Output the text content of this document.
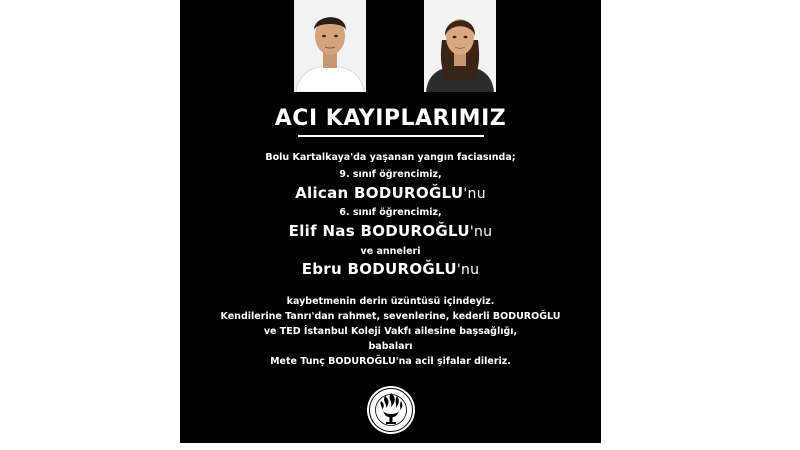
ACI KAYIPLARIMIZ
Bolu Kartalkaya'da yaşanan yangın faciasında;
9. sınıf öğrencimiz,
Alican BODUROĞLU'nu
6. sınıf öğrencimiz,
Elif Nas BODUROĞLU'nu
ve anneleri
Ebru BODUROĞLU'nu
kaybetmenin derin üzüntüsü içindeyiz.
Kendilerine Tanrı'dan rahmet, sevenlerine, kederli BODUROĞLU
ve TED İstanbul Koleji Vakfı ailesine başsağlığı,
babaları
Mete Tunç BODUROĞLU'na acil şifalar dileriz.
